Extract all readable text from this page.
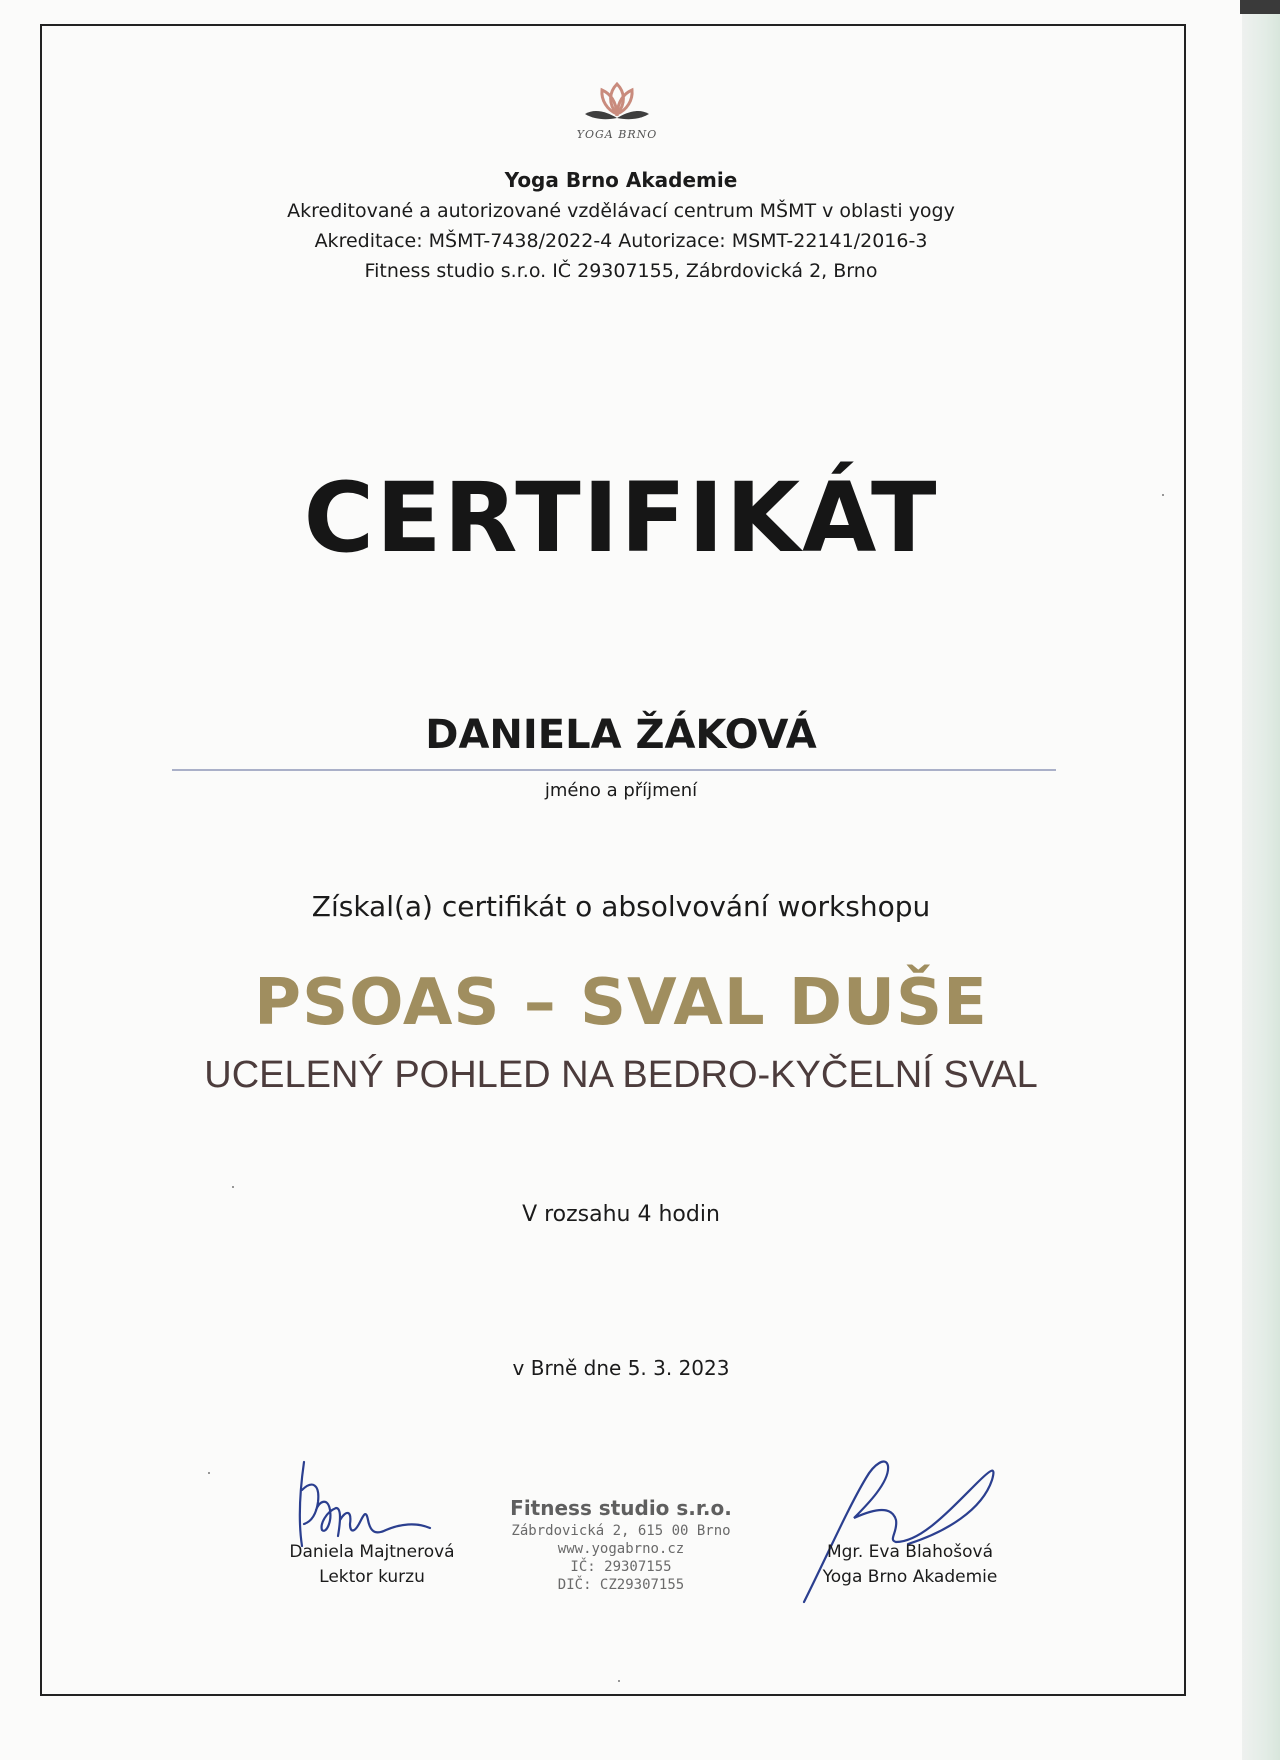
YOGA BRNO
Yoga Brno Akademie
Akreditované a autorizované vzdělávací centrum MŠMT v oblasti yogy
Akreditace: MŠMT-7438/2022-4 Autorizace: MSMT-22141/2016-3
Fitness studio s.r.o. IČ 29307155, Zábrdovická 2, Brno
CERTIFIKÁT
DANIELA ŽÁKOVÁ
jméno a příjmení
Získal(a) certifikát o absolvování workshopu
PSOAS – SVAL DUŠE
UCELENÝ POHLED NA BEDRO-KYČELNÍ SVAL
V rozsahu 4 hodin
v Brně dne 5. 3. 2023
Daniela Majtnerová
Lektor kurzu
Fitness studio s.r.o.
Zábrdovická 2, 615 00 Brno
www.yogabrno.cz
IČ: 29307155
DIČ: CZ29307155
Mgr. Eva Blahošová
Yoga Brno Akademie
